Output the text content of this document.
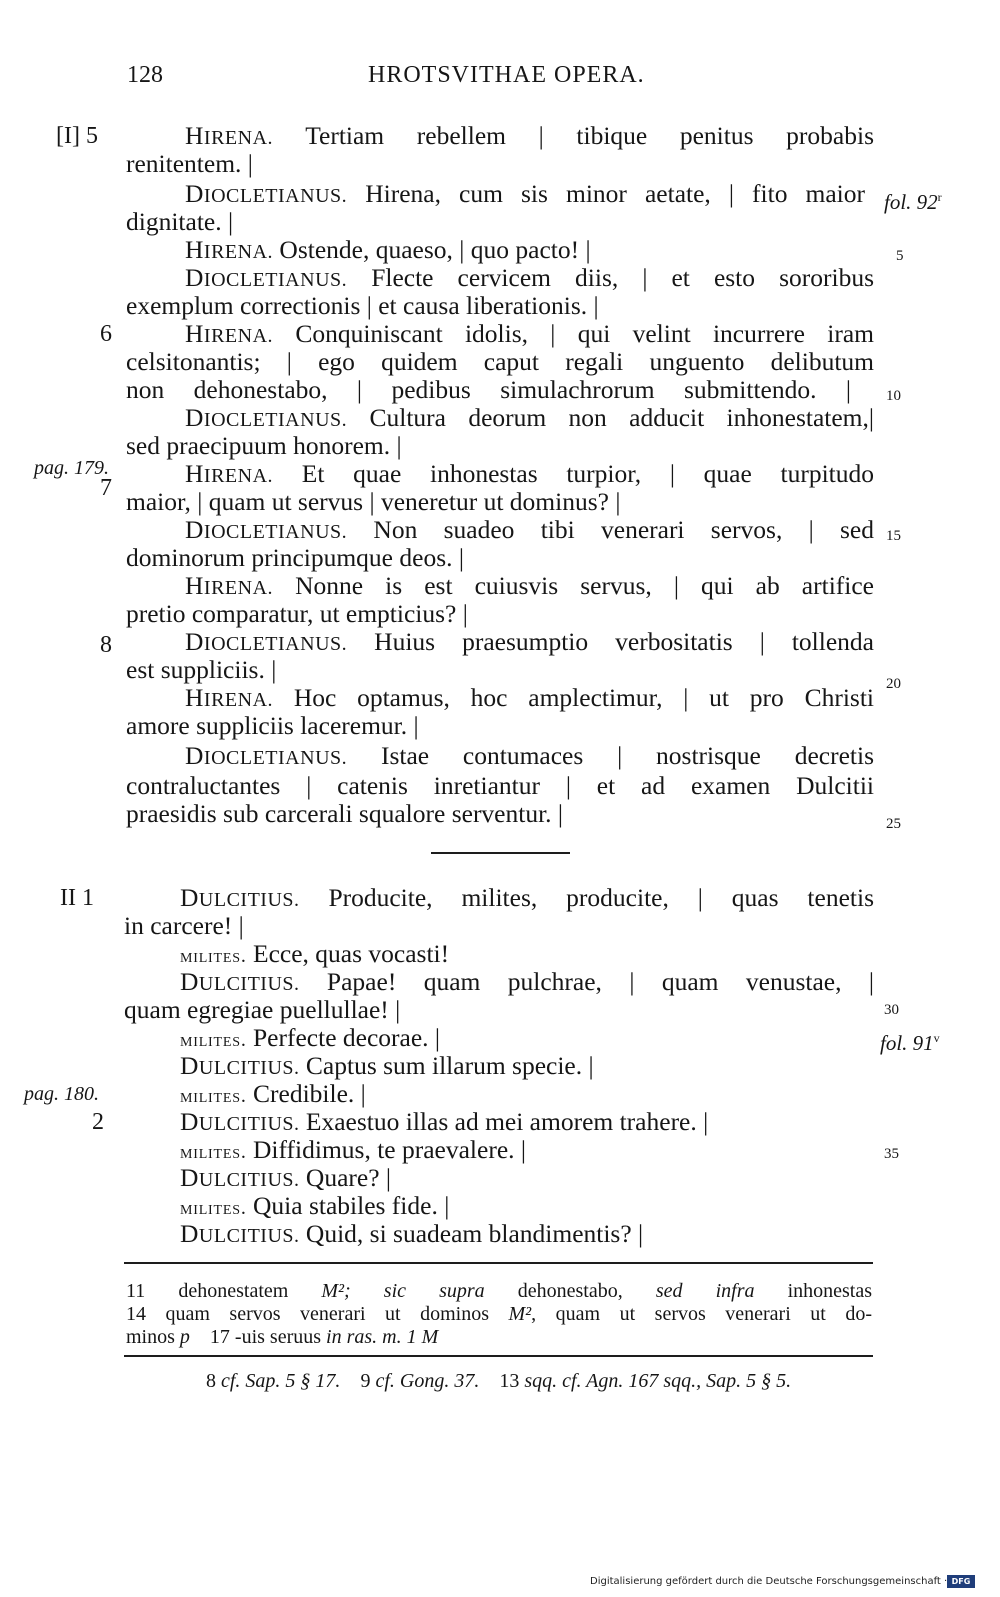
128	HROTSVITHAE OPERA.
[I] 5
6
pag. 179.
7
8
fol. 92$^r$
5
10
15
20
25
HIRENA. Tertiam rebellem | tibique penitus probabis
renitentem. |
DIOCLETIANUS. Hirena, cum sis minor aetate, | fito maior
dignitate. |
HIRENA. Ostende, quaeso, | quo pacto! |
DIOCLETIANUS. Flecte cervicem diis, | et esto sororibus
exemplum correctionis | et causa liberationis. |
HIRENA. Conquiniscant idolis, | qui velint incurrere iram
celsitonantis; | ego quidem caput regali unguento delibutum
non dehonestabo, | pedibus simulachrorum submittendo. |
DIOCLETIANUS. Cultura deorum non adducit inhonestatem,|
sed praecipuum honorem. |
HIRENA. Et quae inhonestas turpior, | quae turpitudo
maior, | quam ut servus | veneretur ut dominus? |
DIOCLETIANUS. Non suadeo tibi venerari servos, | sed
dominorum principumque deos. |
HIRENA. Nonne is est cuiusvis servus, | qui ab artifice
pretio comparatur, ut empticius? |
DIOCLETIANUS. Huius praesumptio verbositatis | tollenda
est suppliciis. |
HIRENA. Hoc optamus, hoc amplectimur, | ut pro Christi
amore suppliciis laceremur. |
DIOCLETIANUS. Istae contumaces | nostrisque decretis
contraluctantes | catenis inretiantur | et ad examen Dulcitii
praesidis sub carcerali squalore serventur. |
II 1
pag. 180.
2
30
fol. 91$^v$
35
DULCITIUS. Producite, milites, producite, | quas tenetis
in carcere! |
milites. Ecce, quas vocasti!
DULCITIUS. Papae! quam pulchrae, | quam venustae, |
quam egregiae puellullae! |
milites. Perfecte decorae. |
DULCITIUS. Captus sum illarum specie. |
milites. Credibile. |
DULCITIUS. Exaestuo illas ad mei amorem trahere. |
milites. Diffidimus, te praevalere. |
DULCITIUS. Quare? |
milites. Quia stabiles fide. |
DULCITIUS. Quid, si suadeam blandimentis? |
11 dehonestatem M²; sic supra dehonestabo, sed infra inhonestas
14 quam servos venerari ut dominos M², quam ut servos venerari ut do-
minos p    17 -uis seruus in ras. m. 1 M
8 cf. Sap. 5 § 17.    9 cf. Gong. 37.    13 sqq. cf. Agn. 167 sqq., Sap. 5 § 5.
Digitalisierung gefördert durch die Deutsche Forschungsgemeinschaft · DFG
